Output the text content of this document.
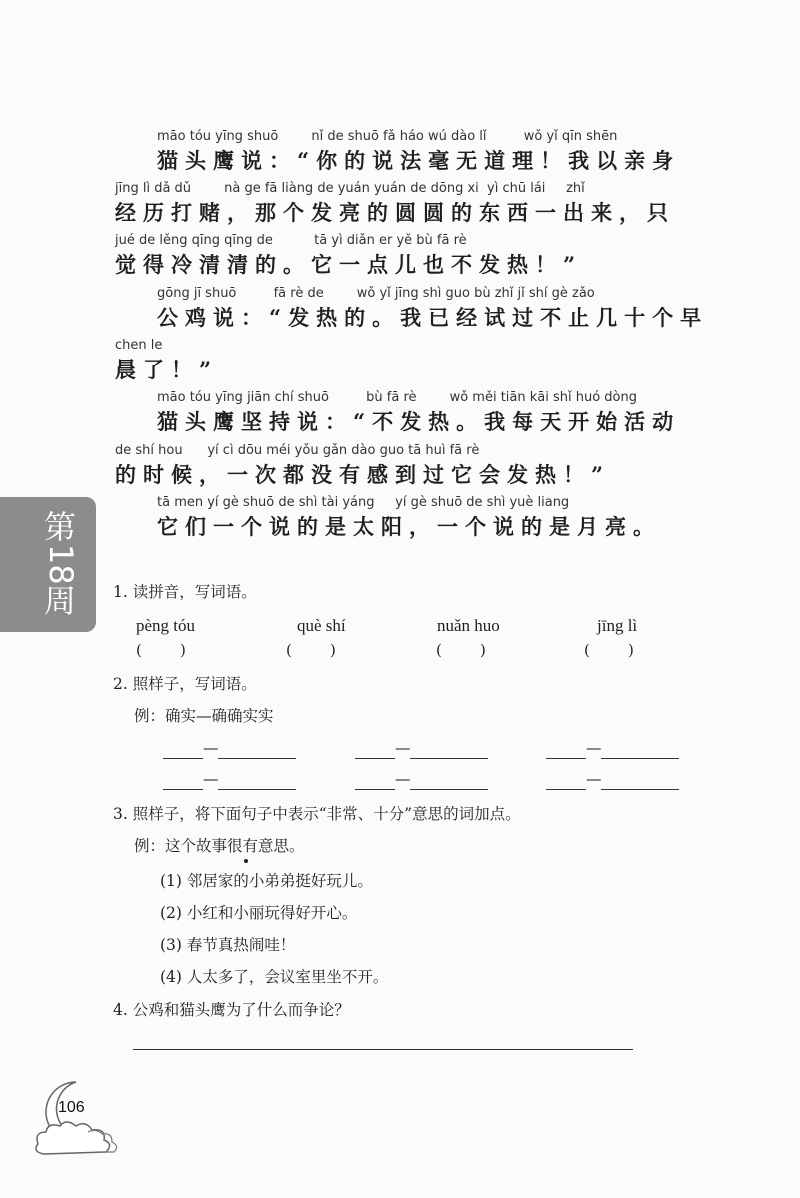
māo tóu yīng shuō        nǐ de shuō fǎ háo wú dào lǐ         wǒ yǐ qīn shēn
猫头鹰说：“你的说法毫无道理！我以亲身
jīng lì dǎ dǔ        nà ge fā liàng de yuán yuán de dōng xi  yì chū lái     zhǐ
经历打赌，那个发亮的圆圆的东西一出来，只
jué de lěng qīng qīng de          tā yì diǎn er yě bù fā rè
觉得冷清清的。它一点儿也不发热！”
gōng jī shuō         fā rè de        wǒ yǐ jīng shì guo bù zhǐ jǐ shí gè zǎo
公鸡说：“发热的。我已经试过不止几十个早
chen le
晨了！”
māo tóu yīng jiān chí shuō         bù fā rè        wǒ měi tiān kāi shǐ huó dòng
猫头鹰坚持说：“不发热。我每天开始活动
de shí hou      yí cì dōu méi yǒu gǎn dào guo tā huì fā rè
的时候，一次都没有感到过它会发热！”
tā men yí gè shuō de shì tài yáng     yí gè shuō de shì yuè liang
它们一个说的是太阳，一个说的是月亮。
第
18
周 1. 读拼音，写词语。
pèng tóu	què shí	nuǎn huo	jīng lì
(        )	(        )	(        )	(        )
2. 照样子，写词语。
例：确实—确确实实
—	—	—
—	—	—
3. 照样子，将下面句子中表示“非常、十分”意思的词加点。
例：这个故事很有意思。
(1) 邻居家的小弟弟挺好玩儿。
(2) 小红和小丽玩得好开心。
(3) 春节真热闹哇！
(4) 人太多了，会议室里坐不开。
4. 公鸡和猫头鹰为了什么而争论？
106
